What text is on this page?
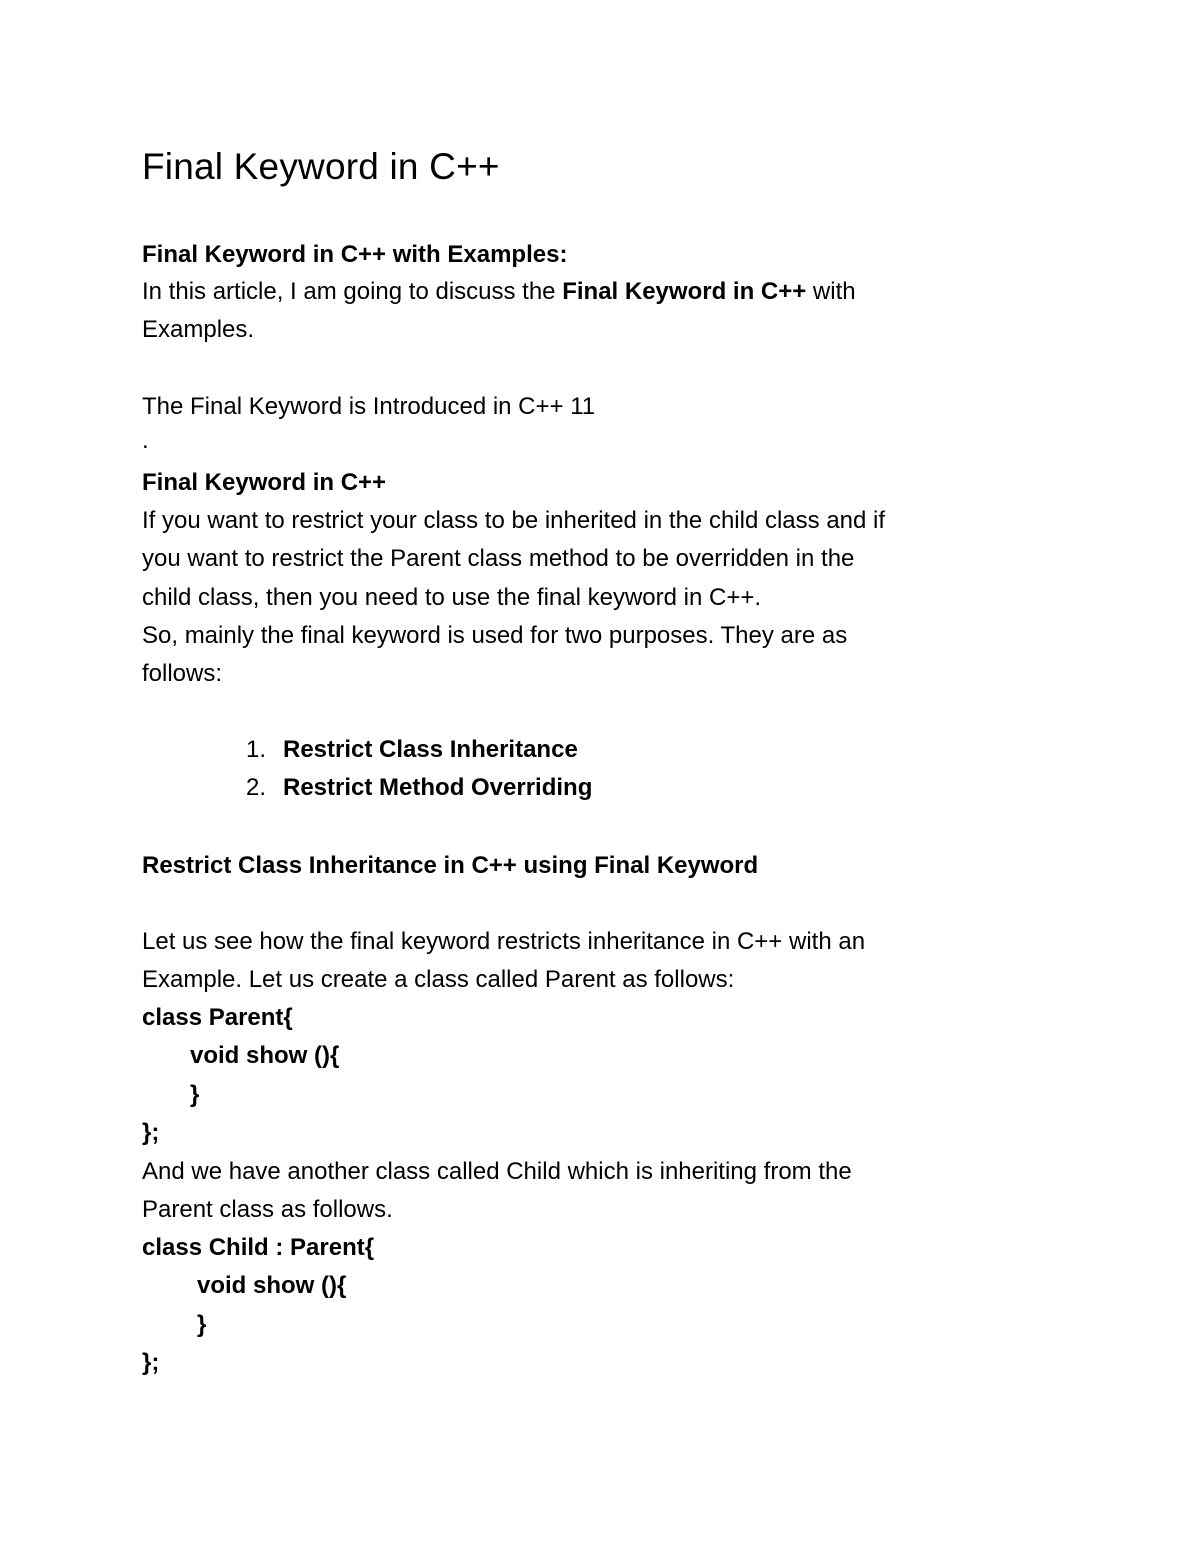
Final Keyword in C++
Final Keyword in C++ with Examples:
In this article, I am going to discuss the Final Keyword in C++ with
Examples.
The Final Keyword is Introduced in C++ 11
.
Final Keyword in C++
If you want to restrict your class to be inherited in the child class and if
you want to restrict the Parent class method to be overridden in the
child class, then you need to use the final keyword in C++.
So, mainly the final keyword is used for two purposes. They are as
follows:
1. Restrict Class Inheritance
2. Restrict Method Overriding
Restrict Class Inheritance in C++ using Final Keyword
Let us see how the final keyword restricts inheritance in C++ with an
Example. Let us create a class called Parent as follows:
class Parent{
void show (){
}
};
And we have another class called Child which is inheriting from the
Parent class as follows.
class Child : Parent{
void show (){
}
};
